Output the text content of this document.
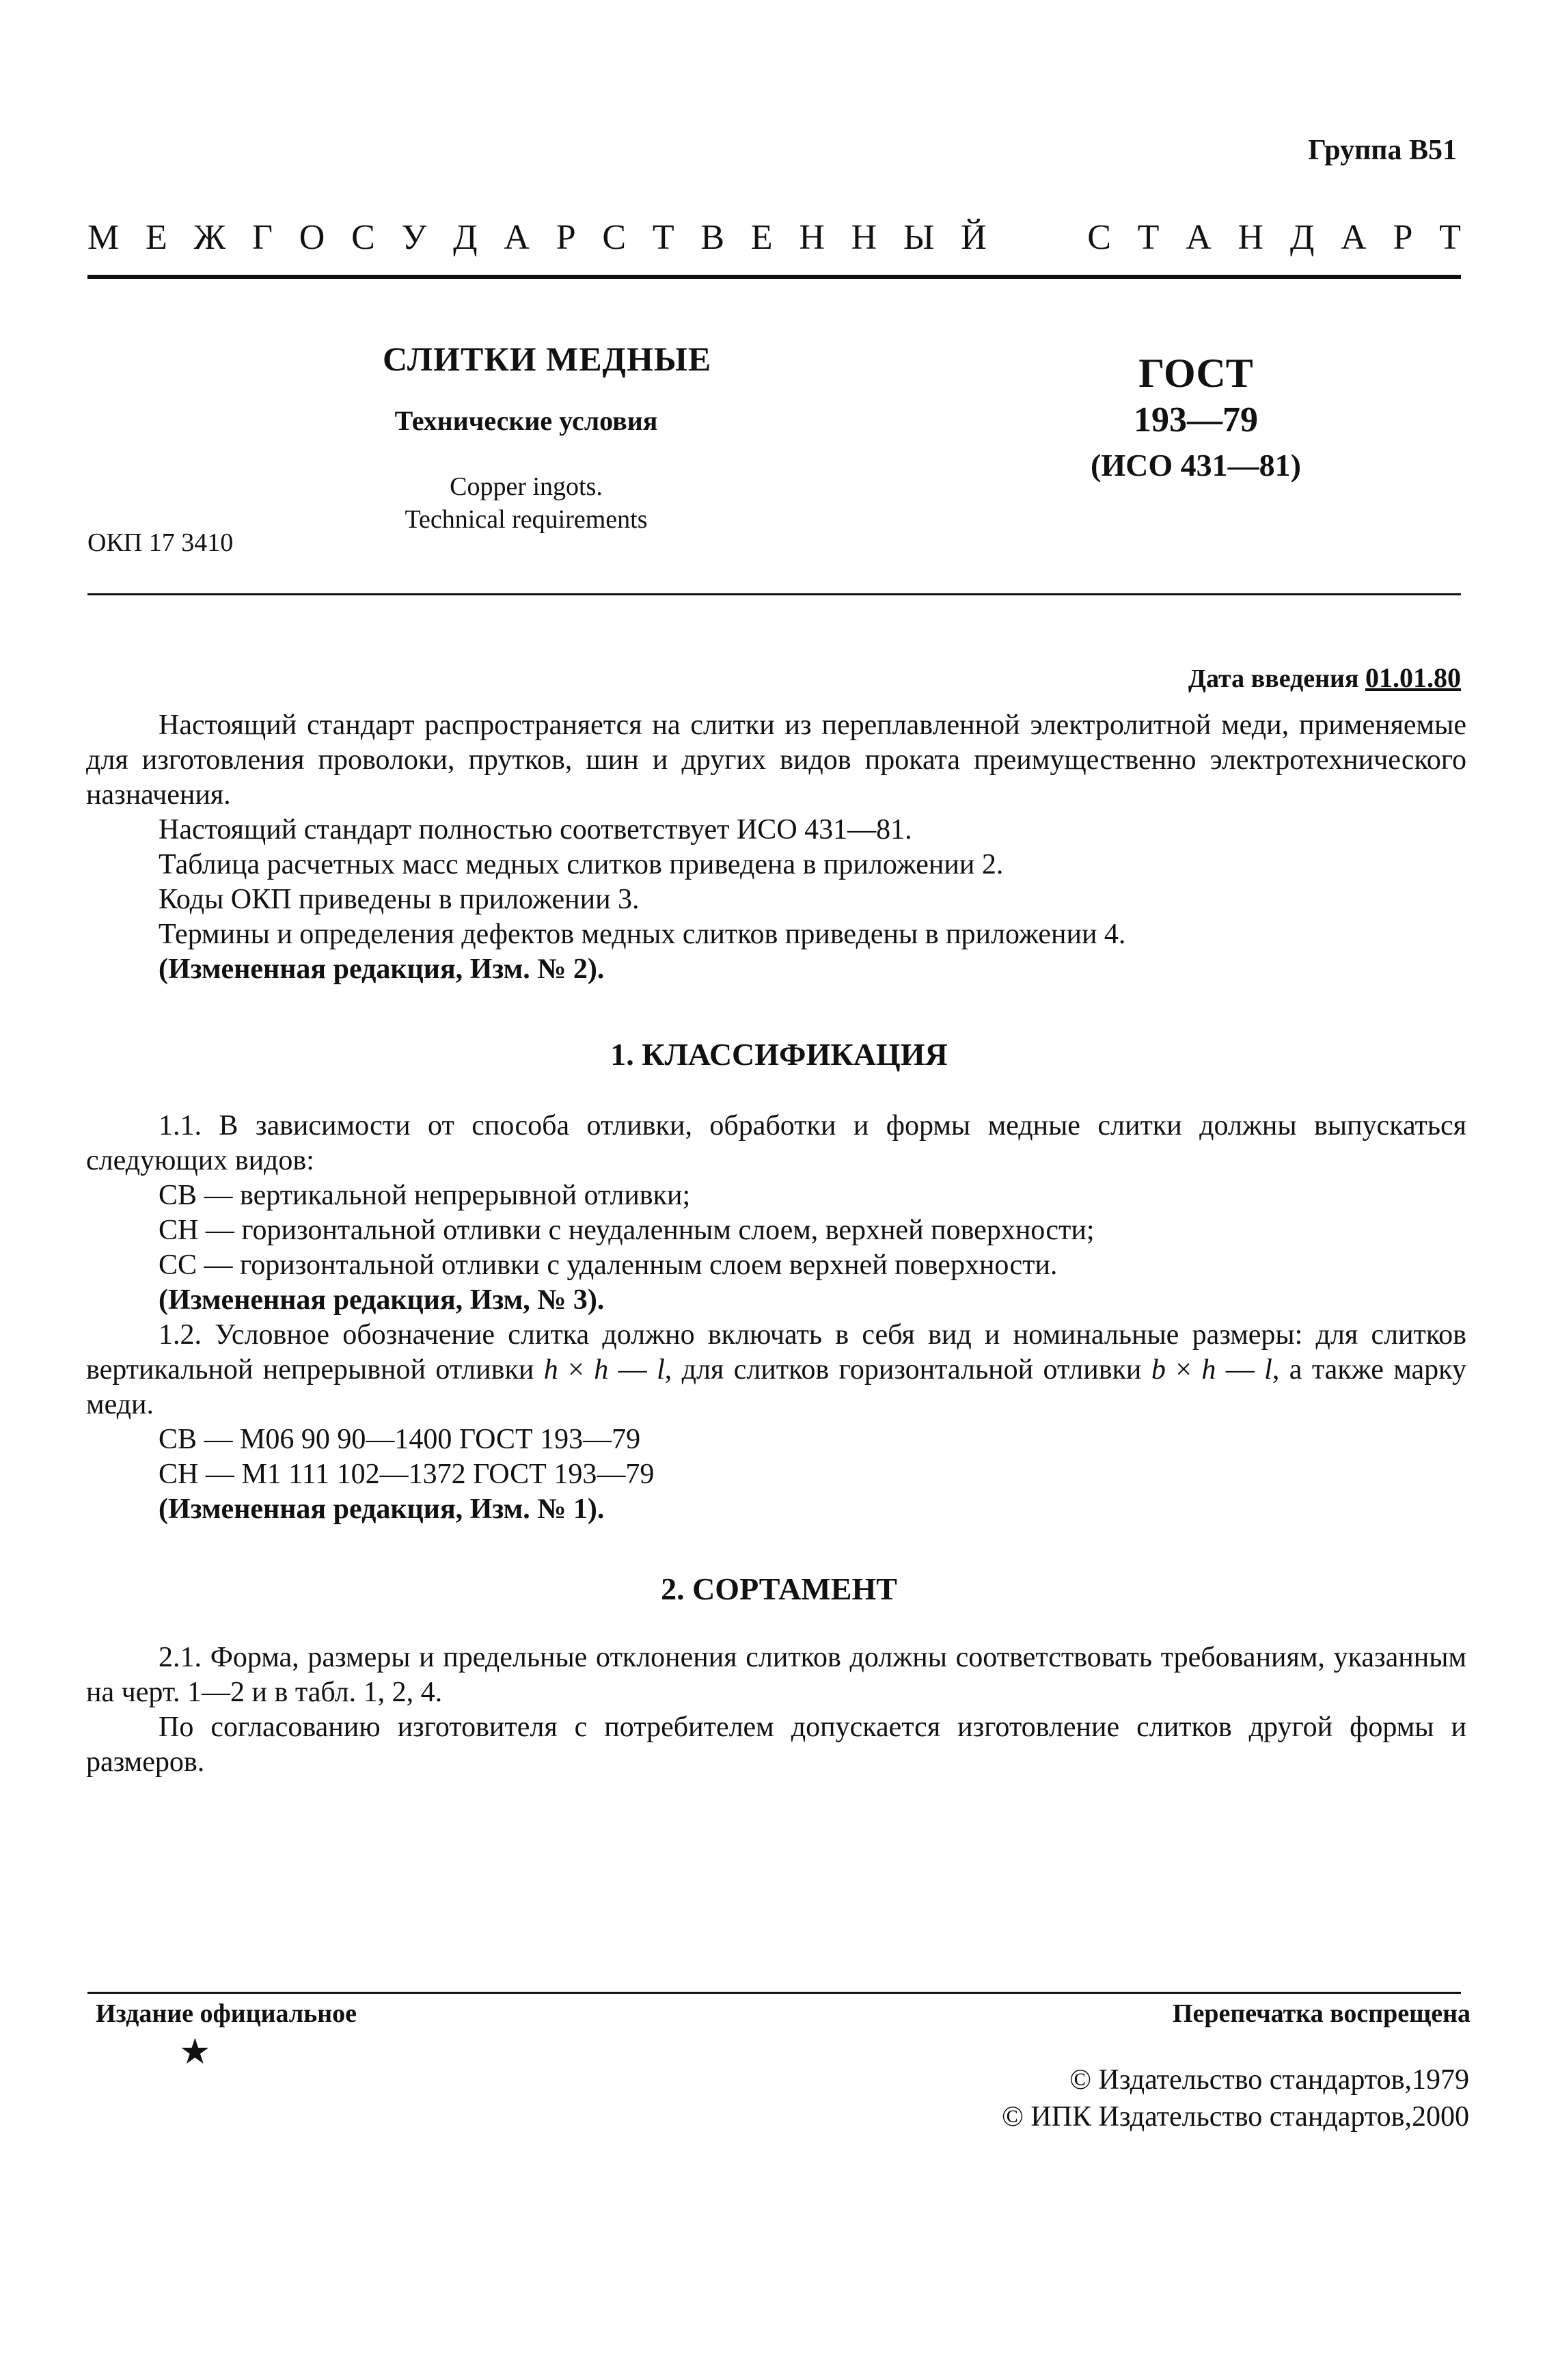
Группа В51
М Е Ж Г О С У Д А Р С Т В Е Н Н Ы Й	С Т А Н Д А Р Т
СЛИТКИ МЕДНЫЕ
Технические условия
Copper ingots.
Technical requirements
ОКП 17 3410
ГОСТ
193—79
(ИСО 431—81)
Дата введения 01.01.80

Настоящий стандарт распространяется на слитки из переплавленной электролитной меди, применяемые для изготовления проволоки, прутков, шин и других видов проката преимущественно электротехнического назначения.

Настоящий стандарт полностью соответствует ИСО 431—81.

Таблица расчетных масс медных слитков приведена в приложении 2.

Коды ОКП приведены в приложении 3.

Термины и определения дефектов медных слитков приведены в приложении 4.

(Измененная редакция, Изм. № 2).

1. КЛАССИФИКАЦИЯ

1.1. В зависимости от способа отливки, обработки и формы медные слитки должны выпускаться следующих видов:

СВ — вертикальной непрерывной отливки;

СН — горизонтальной отливки с неудаленным слоем, верхней поверхности;

СС — горизонтальной отливки с удаленным слоем верхней поверхности.

(Измененная редакция, Изм, № 3).

1.2. Условное обозначение слитка должно включать в себя вид и номинальные размеры: для слитков вертикальной непрерывной отливки h × h — l, для слитков горизонтальной отливки b × h — l, а также марку меди.

СВ — М06 90 90—1400 ГОСТ 193—79

СН — М1 111 102—1372 ГОСТ 193—79

(Измененная редакция, Изм. № 1).

2. СОРТАМЕНТ

2.1. Форма, размеры и предельные отклонения слитков должны соответствовать требованиям, указанным на черт. 1—2 и в табл. 1, 2, 4.

По согласованию изготовителя с потребителем допускается изготовление слитков другой формы и размеров.

Издание официальное	Перепечатка воспрещена
★
© Издательство стандартов,1979
© ИПК Издательство стандартов,2000
